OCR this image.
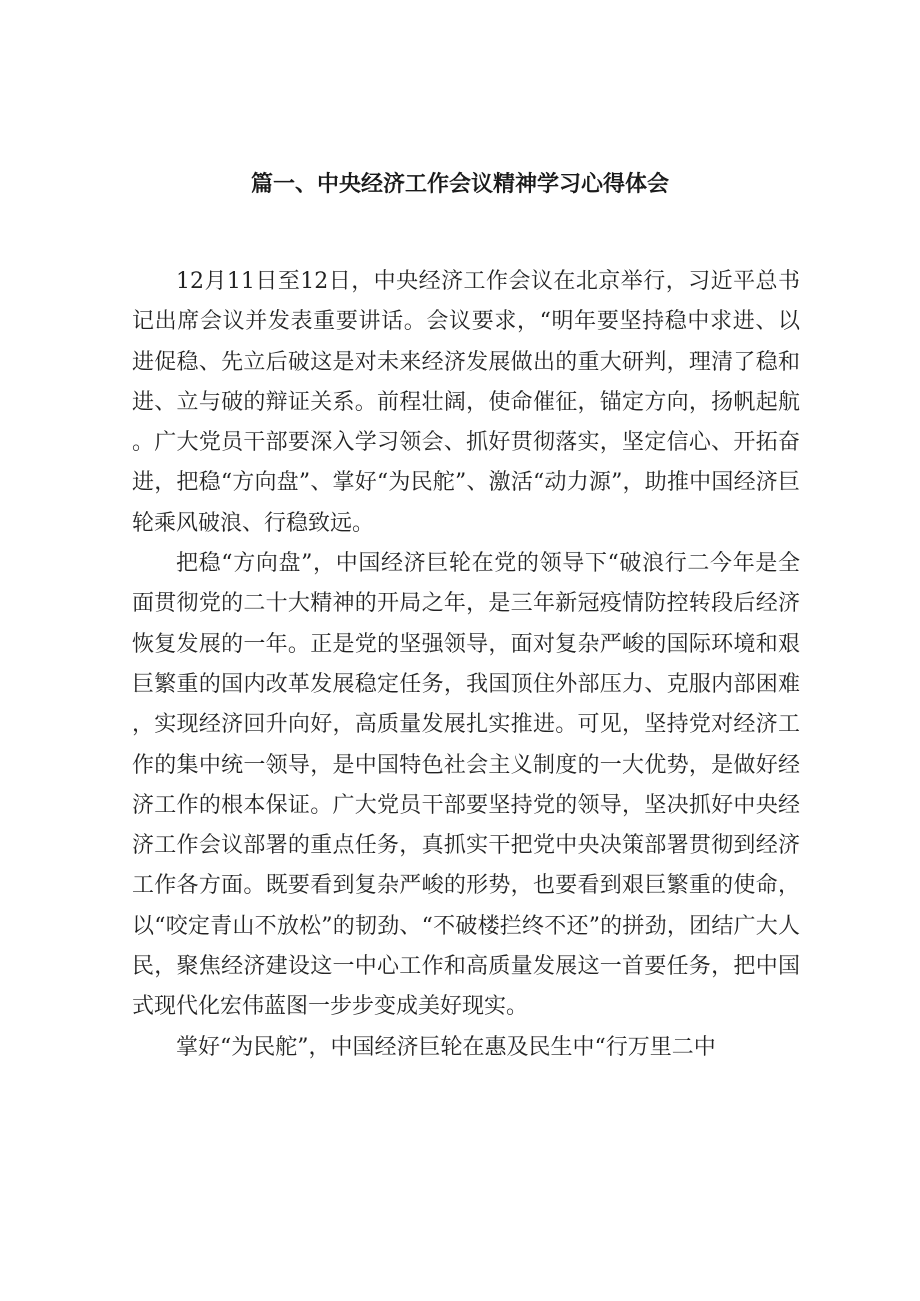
篇一、中央经济工作会议精神学习心得体会

12月11日至12日，中央经济工作会议在北京举行，习近平总书记出席会议并发表重要讲话。会议要求，“明年要坚持稳中求进、以进促稳、先立后破这是对未来经济发展做出的重大研判，理清了稳和进、立与破的辩证关系。前程壮阔，使命催征，锚定方向，扬帆起航。广大党员干部要深入学习领会、抓好贯彻落实，坚定信心、开拓奋进，把稳“方向盘”、掌好“为民舵”、激活“动力源”，助推中国经济巨轮乘风破浪、行稳致远。

把稳“方向盘”，中国经济巨轮在党的领导下“破浪行二今年是全面贯彻党的二十大精神的开局之年，是三年新冠疫情防控转段后经济恢复发展的一年。正是党的坚强领导，面对复杂严峻的国际环境和艰巨繁重的国内改革发展稳定任务，我国顶住外部压力、克服内部困难，实现经济回升向好，高质量发展扎实推进。可见，坚持党对经济工作的集中统一领导，是中国特色社会主义制度的一大优势，是做好经济工作的根本保证。广大党员干部要坚持党的领导，坚决抓好中央经济工作会议部署的重点任务，真抓实干把党中央决策部署贯彻到经济工作各方面。既要看到复杂严峻的形势，也要看到艰巨繁重的使命，以“咬定青山不放松”的韧劲、“不破楼拦终不还”的拼劲，团结广大人民，聚焦经济建设这一中心工作和高质量发展这一首要任务，把中国式现代化宏伟蓝图一步步变成美好现实。

掌好“为民舵”，中国经济巨轮在惠及民生中“行万里二中
